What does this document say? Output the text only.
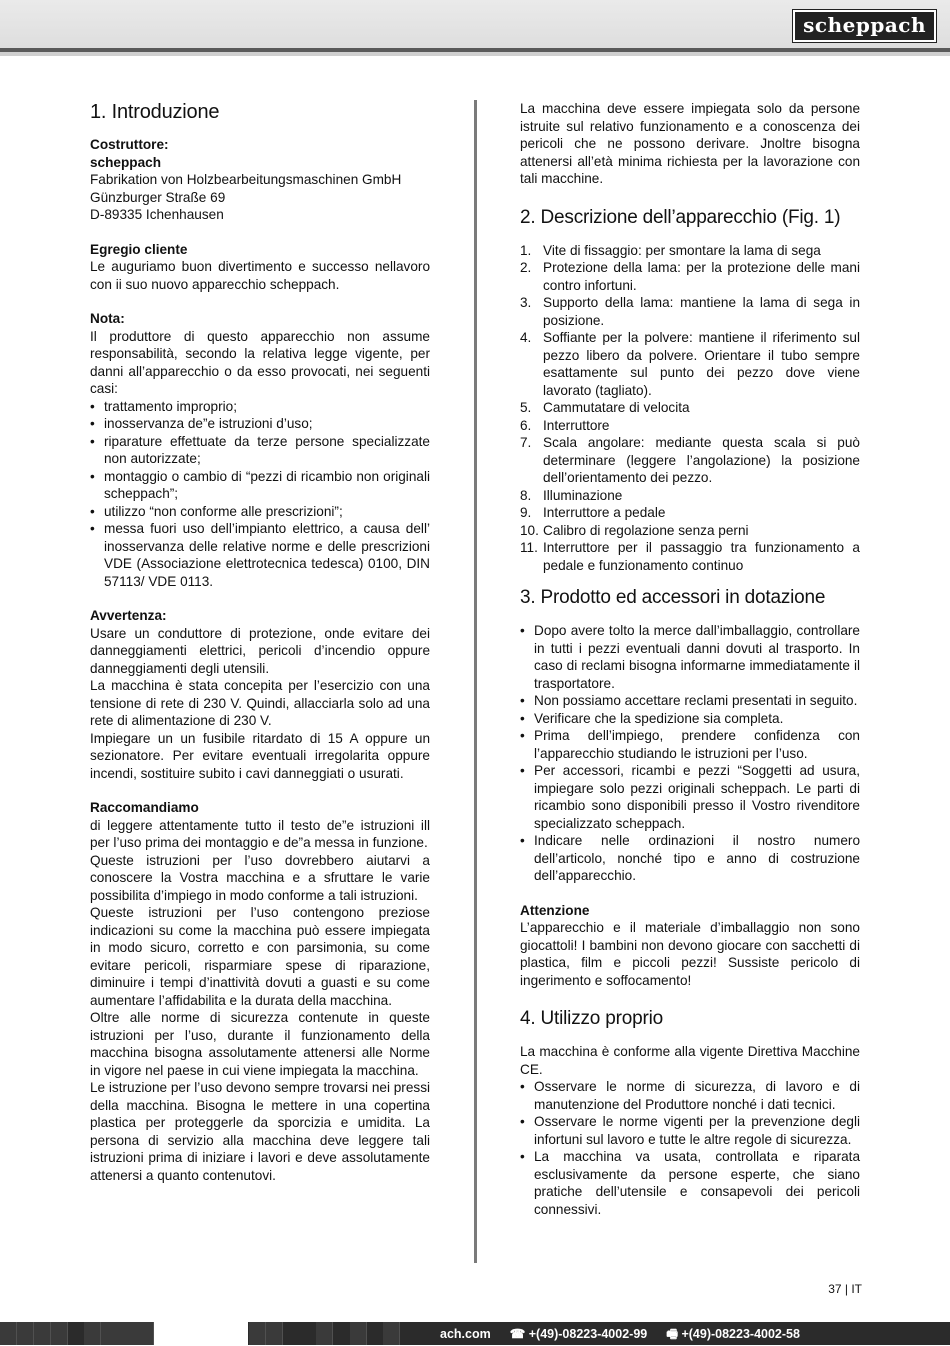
scheppach
1. Introduzione
Costruttore:
scheppach
Fabrikation von Holzbearbeitungsmaschinen GmbH
Günzburger Straße 69
D-89335 Ichenhausen
Egregio cliente

Le auguriamo buon divertimento e successo nellavoro con ii suo nuovo apparecchio scheppach.

Nota:

Il produttore di questo apparecchio non assume responsabilità, secondo la relativa legge vigente, per danni all’apparecchio o da esso provocati, nei seguenti casi:

• trattamento improprio;
• inosservanza de”e istruzioni d’uso;
• riparature effettuate da terze persone specializzate non autorizzate;
• montaggio o cambio di “pezzi di ricambio non originali scheppach”;
• utilizzo “non conforme alle prescrizioni”;
• messa fuori uso dell’impianto elettrico, a causa dell’ inosservanza delle relative norme e delle prescrizioni VDE (Associazione elettrotecnica tedesca) 0100, DIN 57113/ VDE 0113.
Avvertenza:

Usare un conduttore di protezione, onde evitare dei danneggiamenti elettrici, pericoli d’incendio oppure danneggiamenti degli utensili.

La macchina è stata concepita per l’esercizio con una tensione di rete di 230 V. Quindi, allacciarla solo ad una rete di alimentazione di 230 V.

Impiegare un un fusibile ritardato di 15 A oppure un sezionatore. Per evitare eventuali irregolarita oppure incendi, sostituire subito i cavi danneggiati o usurati.

Raccomandiamo

di leggere attentamente tutto il testo de”e istruzioni ill per l’uso prima dei montaggio e de”a messa in funzione.

Queste istruzioni per l’uso dovrebbero aiutarvi a conoscere la Vostra macchina e a sfruttare le varie possibilita d’impiego in modo conforme a tali istruzioni.

Queste istruzioni per l’uso contengono preziose indicazioni su come la macchina può essere impiegata in modo sicuro, corretto e con parsimonia, su come evitare pericoli, risparmiare spese di riparazione, diminuire i tempi d’inattività dovuti a guasti e su come aumentare l’affidabilita e la durata della macchina.

Oltre alle norme di sicurezza contenute in queste istruzioni per l’uso, durante il funzionamento della macchina bisogna assolutamente attenersi alle Norme in vigore nel paese in cui viene impiegata la macchina.

Le istruzione per l’uso devono sempre trovarsi nei pressi della macchina. Bisogna le mettere in una copertina plastica per proteggerle da sporcizia e umidita. La persona di servizio alla macchina deve leggere tali istruzioni prima di iniziare i lavori e deve assolutamente attenersi a quanto contenutovi.

La macchina deve essere impiegata solo da persone istruite sul relativo funzionamento e a conoscenza dei pericoli che ne possono derivare. Jnoltre bisogna attenersi all’età minima richiesta per la lavorazione con tali macchine.

2. Descrizione dell’apparecchio (Fig. 1)
1. Vite di fissaggio: per smontare la lama di sega
2. Protezione della lama: per la protezione delle mani contro infortuni.
3. Supporto della lama: mantiene la lama di sega in posizione.
4. Soffiante per la polvere: mantiene il riferimento sul pezzo libero da polvere. Orientare il tubo sempre esattamente sul punto dei pezzo dove viene lavorato (tagliato).
5. Cammutatare di velocita
6. Interruttore
7. Scala angolare: mediante questa scala si può determinare (leggere l’angolazione) la posizione dell’orientamento dei pezzo.
8. Illuminazione
9. Interruttore a pedale
10. Calibro di regolazione senza perni
11. Interruttore per il passaggio tra funzionamento a pedale e funzionamento continuo
3. Prodotto ed accessori in dotazione
• Dopo avere tolto la merce dall’imballaggio, controllare in tutti i pezzi eventuali danni dovuti al trasporto. In caso di reclami bisogna informarne immediatamente il trasportatore.
• Non possiamo accettare reclami presentati in seguito.
• Verificare che la spedizione sia completa.
• Prima dell’impiego, prendere confidenza con l’apparecchio studiando le istruzioni per l’uso.
• Per accessori, ricambi e pezzi “Soggetti ad usura, impiegare solo pezzi originali scheppach. Le parti di ricambio sono disponibili presso il Vostro rivenditore specializzato scheppach.
• Indicare nelle ordinazioni il nostro numero dell’articolo, nonché tipo e anno di costruzione dell’apparecchio.
Attenzione

L’apparecchio e il materiale d’imballaggio non sono giocattoli! I bambini non devono giocare con sacchetti di plastica, film e piccoli pezzi! Sussiste pericolo di ingerimento e soffocamento!

4. Utilizzo proprio

La macchina è conforme alla vigente Direttiva Macchine CE.

• Osservare le norme di sicurezza, di lavoro e di manutenzione del Produttore nonché i dati tecnici.
• Osservare le norme vigenti per la prevenzione degli infortuni sul lavoro e tutte le altre regole di sicurezza.
• La macchina va usata, controllata e riparata esclusivamente da persone esperte, che siano pratiche dell’utensile e consapevoli dei pericoli connessivi.
37 | IT
ach.com ☎ +(49)-08223-4002-99 🖷 +(49)-08223-4002-58
